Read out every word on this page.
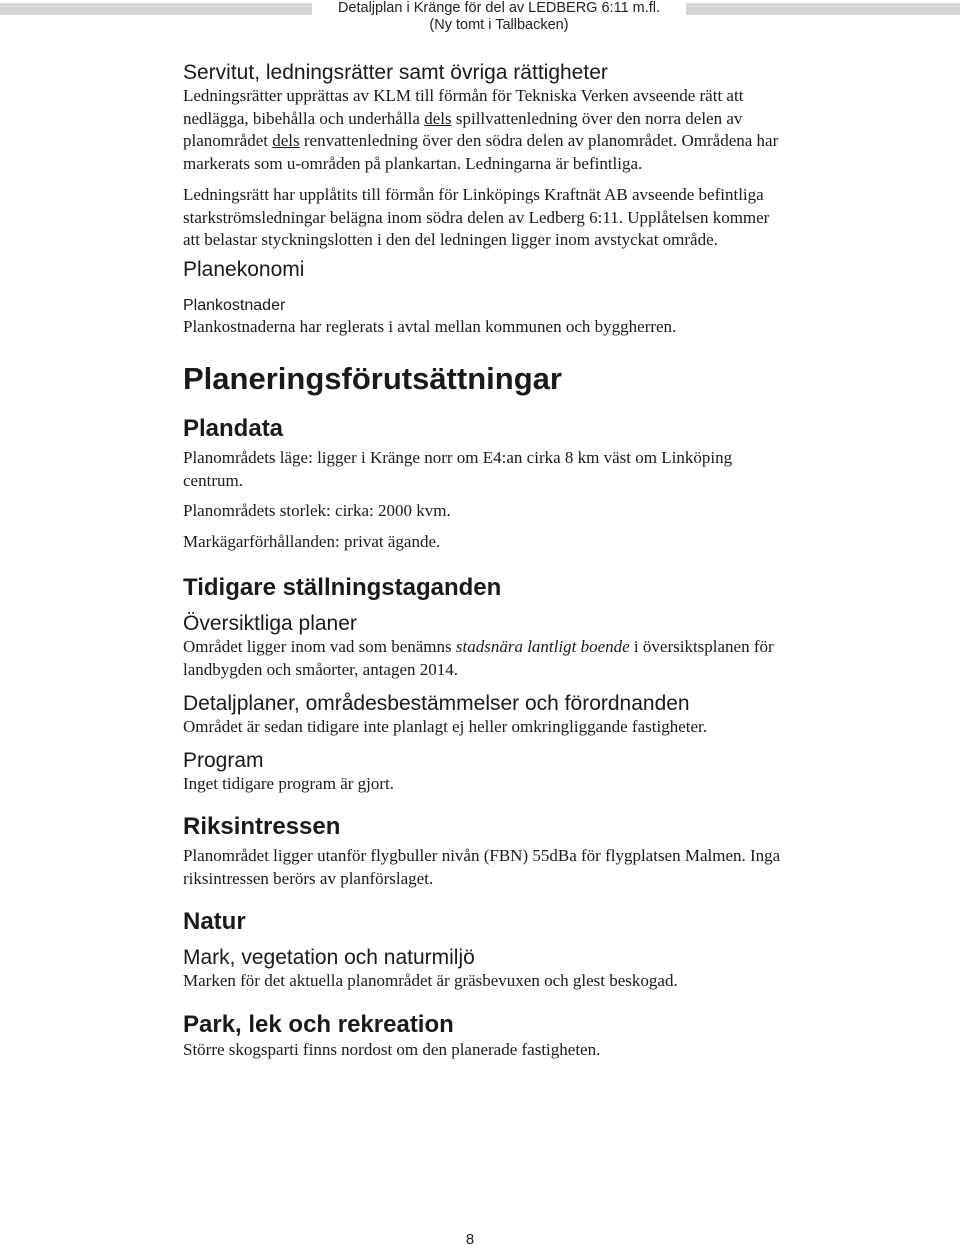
Detaljplan i Kränge för del av LEDBERG 6:11 m.fl.
(Ny tomt i Tallbacken)
Servitut, ledningsrätter samt övriga rättigheter

Ledningsrätter upprättas av KLM till förmån för Tekniska Verken avseende rätt att nedlägga, bibehålla och underhålla dels spillvattenledning över den norra delen av planområdet dels renvattenledning över den södra delen av planområdet. Områdena har markerats som u-områden på plankartan. Ledningarna är befintliga.

Ledningsrätt har upplåtits till förmån för Linköpings Kraftnät AB avseende befintliga starkströmsledningar belägna inom södra delen av Ledberg 6:11. Upplåtelsen kommer att belastar styckningslotten i den del ledningen ligger inom avstyckat område.

Planekonomi
Plankostnader

Plankostnaderna har reglerats i avtal mellan kommunen och byggherren.

Planeringsförutsättningar
Plandata

Planområdets läge: ligger i Kränge norr om E4:an cirka 8 km väst om Linköping centrum.

Planområdets storlek: cirka: 2000 kvm.

Markägarförhållanden: privat ägande.

Tidigare ställningstaganden
Översiktliga planer

Området ligger inom vad som benämns stadsnära lantligt boende i översiktsplanen för landbygden och småorter, antagen 2014.

Detaljplaner, områdesbestämmelser och förordnanden

Området är sedan tidigare inte planlagt ej heller omkringliggande fastigheter.

Program

Inget tidigare program är gjort.

Riksintressen

Planområdet ligger utanför flygbuller nivån (FBN) 55dBa för flygplatsen Malmen. Inga riksintressen berörs av planförslaget.

Natur
Mark, vegetation och naturmiljö

Marken för det aktuella planområdet är gräsbevuxen och glest beskogad.

Park, lek och rekreation

Större skogsparti finns nordost om den planerade fastigheten.

8
